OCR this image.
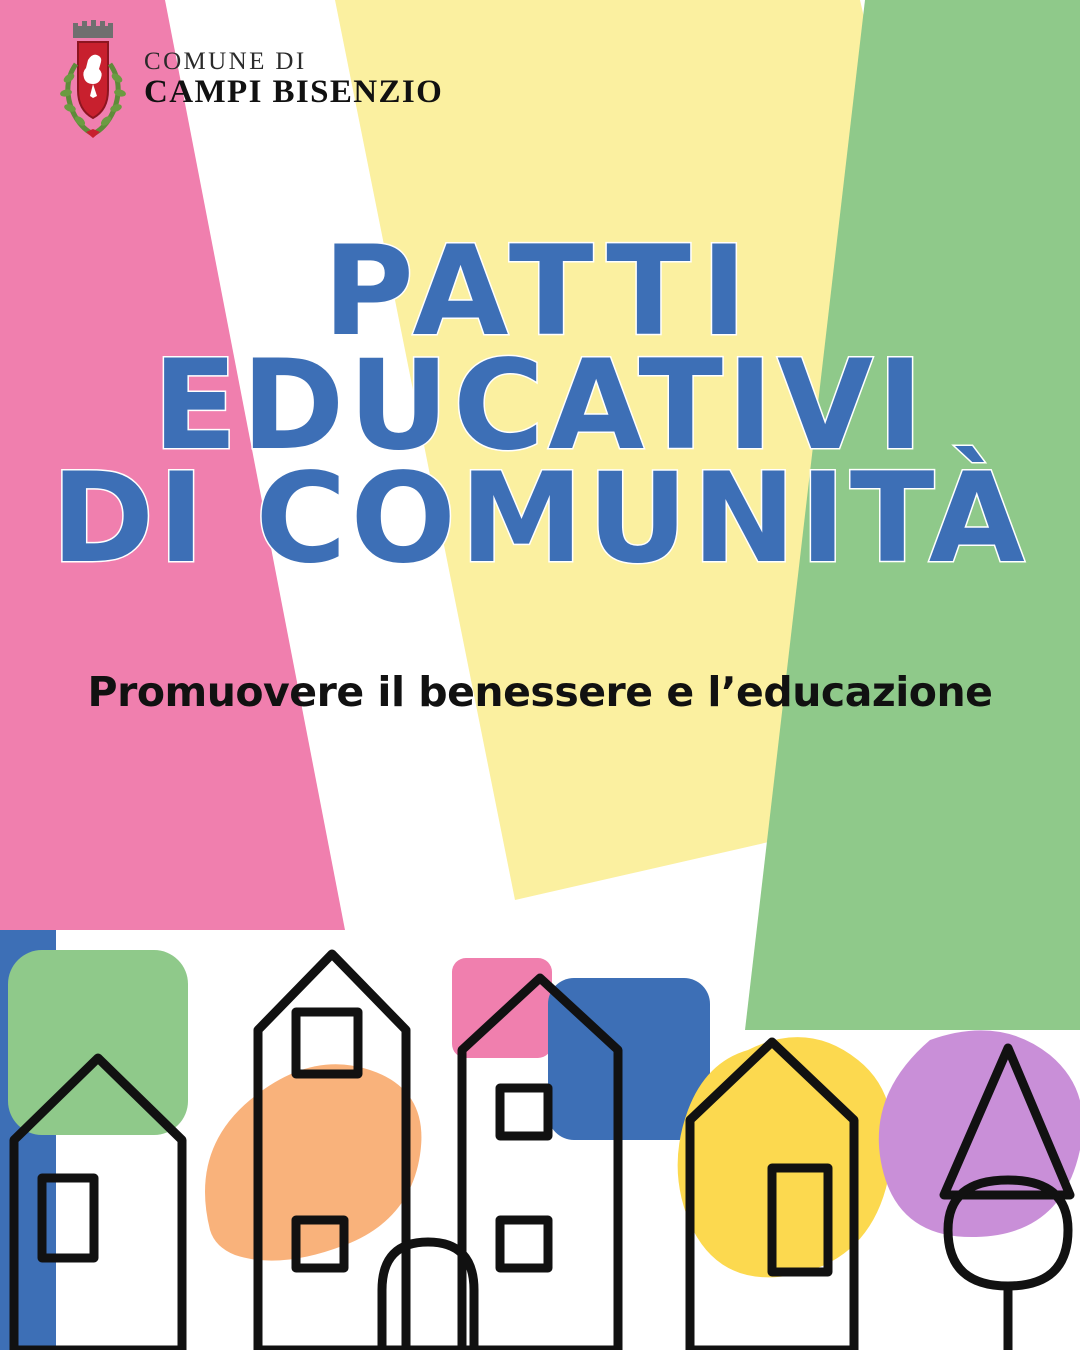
COMUNE DI
CAMPI BISENZIO
PATTI
EDUCATIVI
DI COMUNITÀ
Promuovere il benessere e l’educazione
